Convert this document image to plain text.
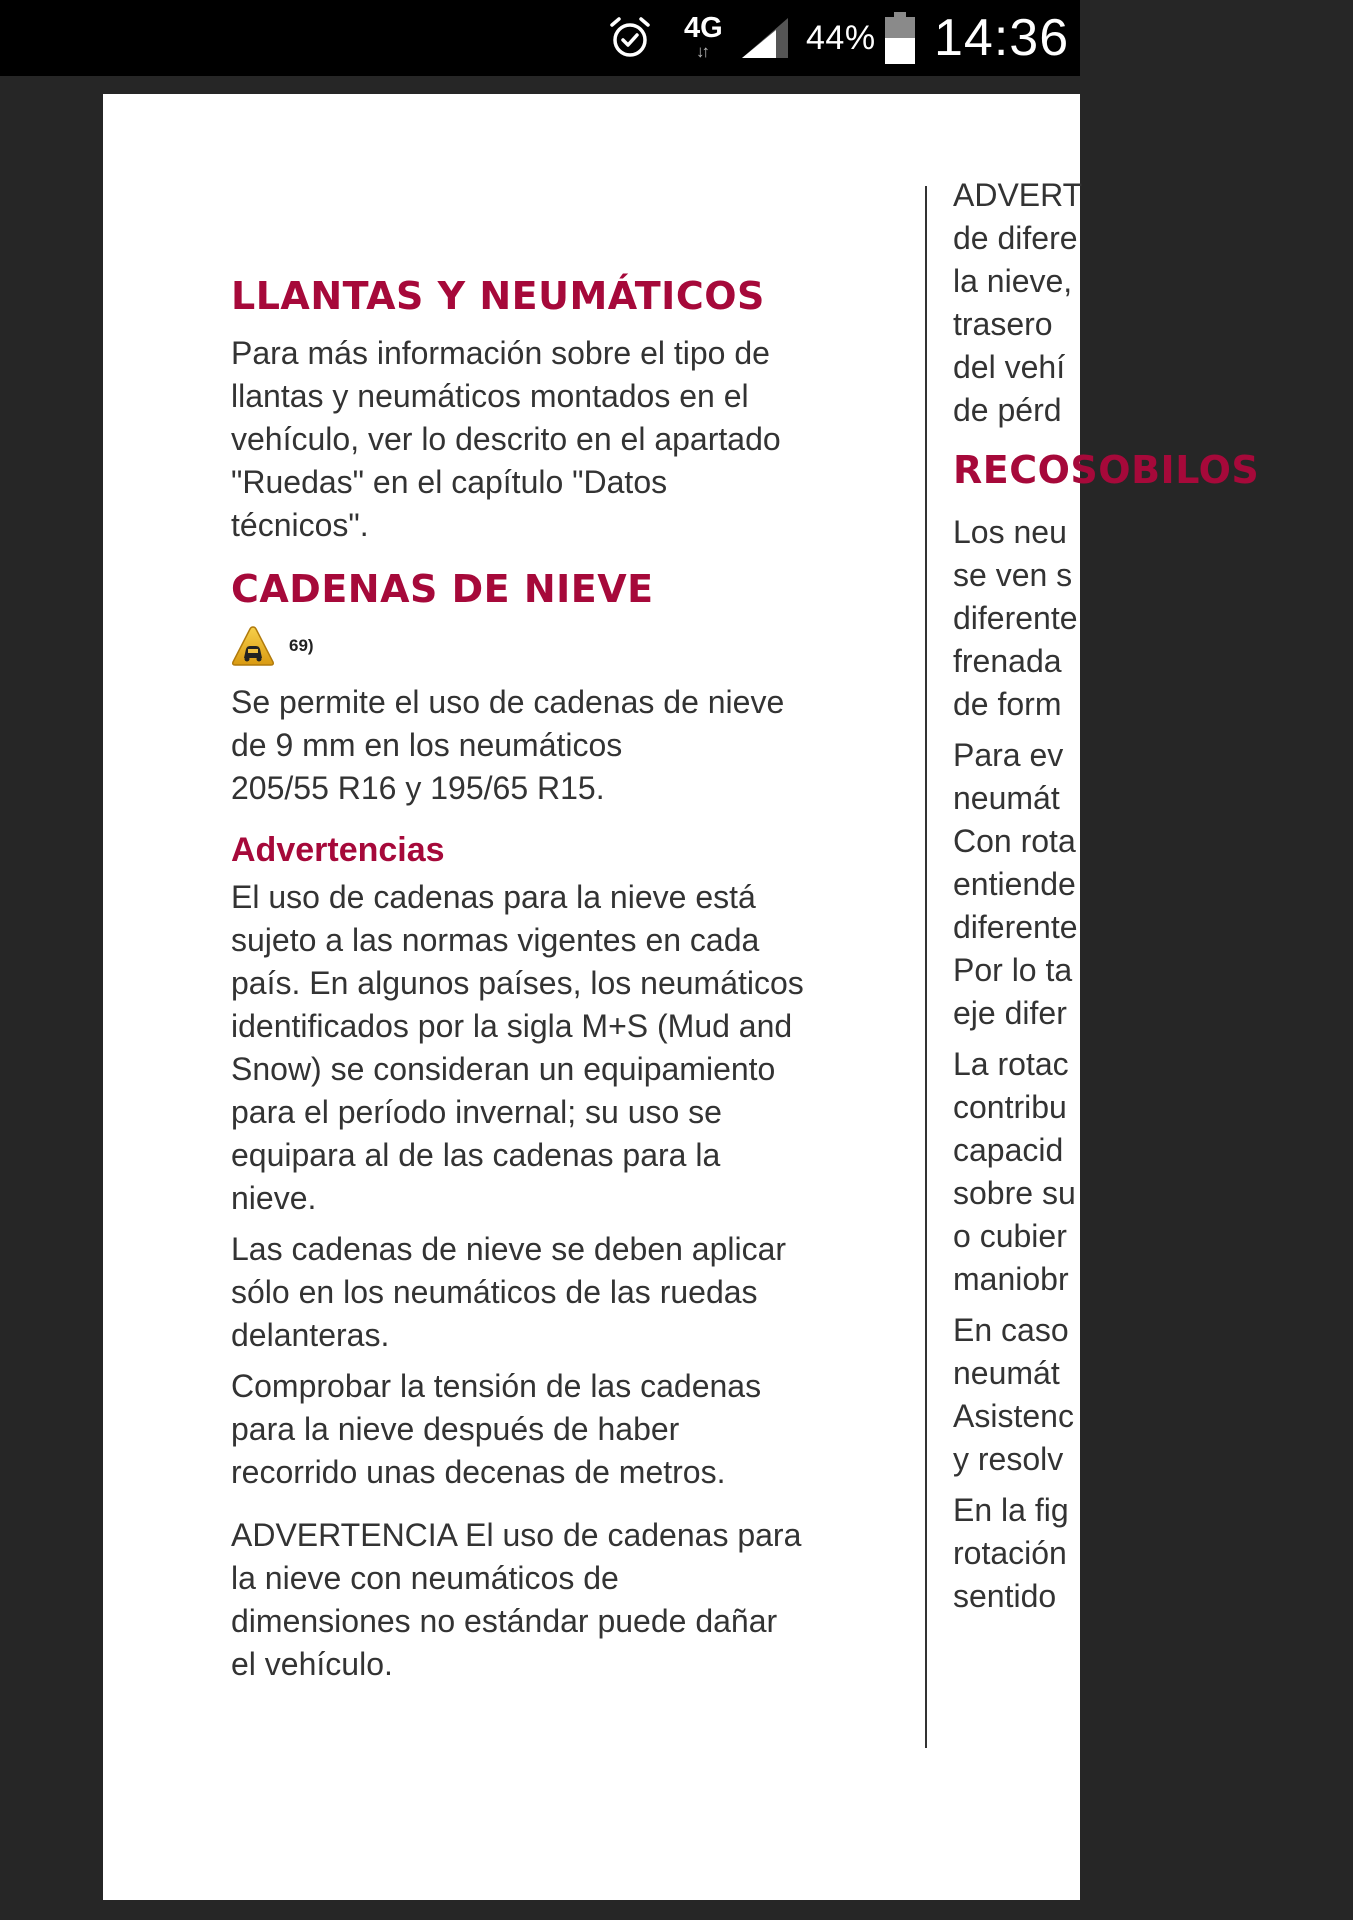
4G
↓↑	44% 14:36
LLANTAS Y NEUMÁTICOS
Para más información sobre el tipo de
llantas y neumáticos montados en el
vehículo, ver lo descrito en el apartado
"Ruedas" en el capítulo "Datos
técnicos".
CADENAS DE NIEVE
69)
Se permite el uso de cadenas de nieve
de 9 mm en los neumáticos
205/55 R16 y 195/65 R15.
Advertencias
El uso de cadenas para la nieve está
sujeto a las normas vigentes en cada
país. En algunos países, los neumáticos
identificados por la sigla M+S (Mud and
Snow) se consideran un equipamiento
para el período invernal; su uso se
equipara al de las cadenas para la
nieve.
Las cadenas de nieve se deben aplicar
sólo en los neumáticos de las ruedas
delanteras.
Comprobar la tensión de las cadenas
para la nieve después de haber
recorrido unas decenas de metros.
ADVERTENCIA El uso de cadenas para
la nieve con neumáticos de
dimensiones no estándar puede dañar
el vehículo.
ADVERT
de difere
la nieve,
trasero
del vehí
de pérd
RECOSOBILOS
Los neu
se ven s
diferente
frenada
de form
Para ev
neumát
Con rota
entiende
diferente
Por lo ta
eje difer
La rotac
contribu
capacid
sobre su
o cubier
maniobr
En caso
neumát
Asistenc
y resolv
En la fig
rotación
sentido
